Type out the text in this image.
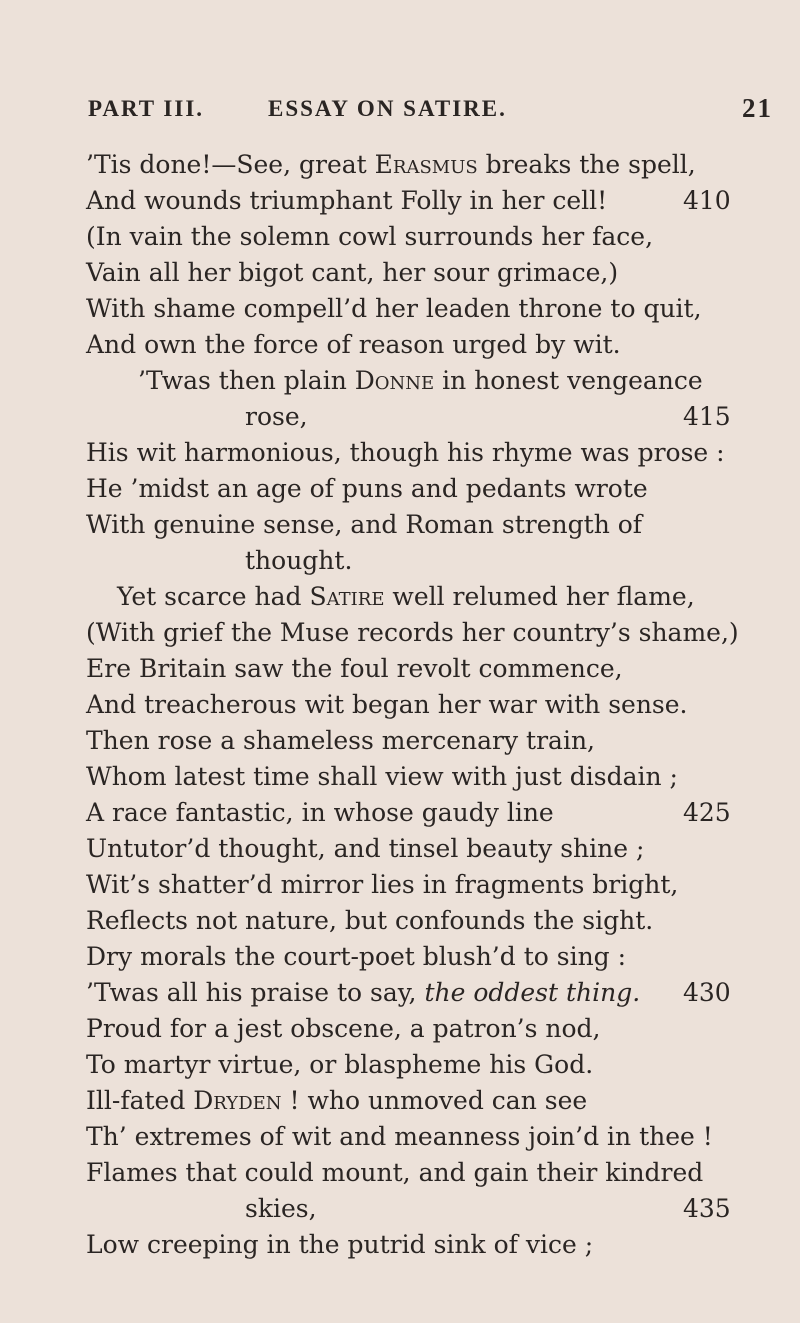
PART III.	ESSAY ON SATIRE.	21
’Tis done!—See, great Erasmus breaks the spell,
And wounds triumphant Folly in her cell!	410
(In vain the solemn cowl surrounds her face,
Vain all her bigot cant, her sour grimace,)
With shame compell’d her leaden throne to quit,
And own the force of reason urged by wit.
’Twas then plain Donne in honest vengeance
rose,	415
His wit harmonious, though his rhyme was prose :
He ’midst an age of puns and pedants wrote
With genuine sense, and Roman strength of
thought.
Yet scarce had Satire well relumed her flame,
(With grief the Muse records her country’s shame,)
Ere Britain saw the foul revolt commence,
And treacherous wit began her war with sense.
Then rose a shameless mercenary train,
Whom latest time shall view with just disdain ;
A race fantastic, in whose gaudy line	425
Untutor’d thought, and tinsel beauty shine ;
Wit’s shatter’d mirror lies in fragments bright,
Reflects not nature, but confounds the sight.
Dry morals the court-poet blush’d to sing :
’Twas all his praise to say, the oddest thing. 430
Proud for a jest obscene, a patron’s nod,
To martyr virtue, or blaspheme his God.
Ill-fated Dryden ! who unmoved can see
Th’ extremes of wit and meanness join’d in thee !
Flames that could mount, and gain their kindred
skies,	435
Low creeping in the putrid sink of vice ;
